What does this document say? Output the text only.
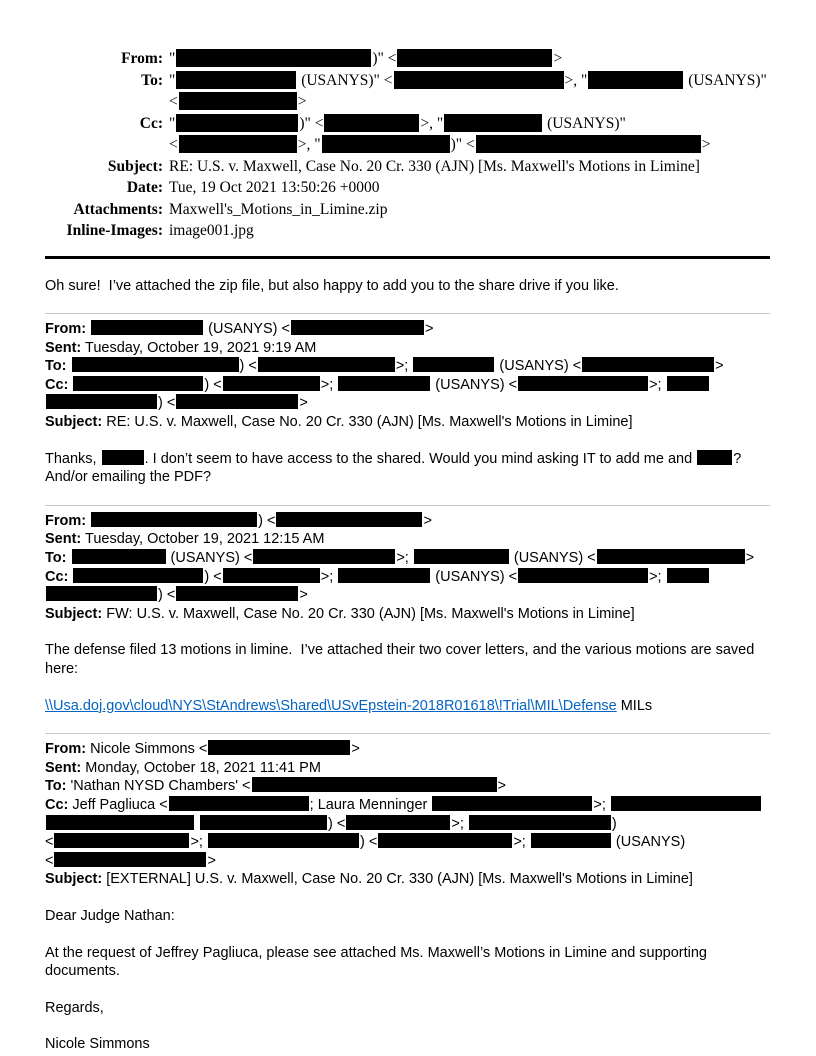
From: "	)" <	>
To: "	(USANYS)" <	>, "	(USANYS)"
<	>
Cc: "	)" <	>, "	(USANYS)"
<	>, "	)" <	>
Subject: RE: U.S. v. Maxwell, Case No. 20 Cr. 330 (AJN) [Ms. Maxwell's Motions in Limine]
Date: Tue, 19 Oct 2021 13:50:26 +0000
Attachments: Maxwell's_Motions_in_Limine.zip
Inline-Images: image001.jpg
Oh sure!  I’ve attached the zip file, but also happy to add you to the share drive if you like.
From:	(USANYS) <	>
Sent: Tuesday, October 19, 2021 9:19 AM
To:	) <	>;	(USANYS) <	>
Cc:	) <	>;	(USANYS) <	>;
) <	>
Subject: RE: U.S. v. Maxwell, Case No. 20 Cr. 330 (AJN) [Ms. Maxwell's Motions in Limine]
Thanks,	. I don’t seem to have access to the shared. Would you mind asking IT to add me and	? And/or emailing the PDF?
From:	) <	>
Sent: Tuesday, October 19, 2021 12:15 AM
To:	(USANYS) <	>;	(USANYS) <	>
Cc:	) <	>;	(USANYS) <	>;
) <	>
Subject: FW: U.S. v. Maxwell, Case No. 20 Cr. 330 (AJN) [Ms. Maxwell's Motions in Limine]
The defense filed 13 motions in limine.  I’ve attached their two cover letters, and the various motions are saved here:
\\Usa.doj.gov\cloud\NYS\StAndrews\Shared\USvEpstein-2018R01618\!Trial\MIL\Defense MILs
From: Nicole Simmons <	>
Sent: Monday, October 18, 2021 11:41 PM
To: 'Nathan NYSD Chambers' <	>
Cc: Jeff Pagliuca <	; Laura Menninger	>;
) <	>;	)
<	>;	) <	>;	(USANYS)
<	>
Subject: [EXTERNAL] U.S. v. Maxwell, Case No. 20 Cr. 330 (AJN) [Ms. Maxwell's Motions in Limine]
Dear Judge Nathan:
At the request of Jeffrey Pagliuca, please see attached Ms. Maxwell’s Motions in Limine and supporting documents.
Regards,
Nicole Simmons
